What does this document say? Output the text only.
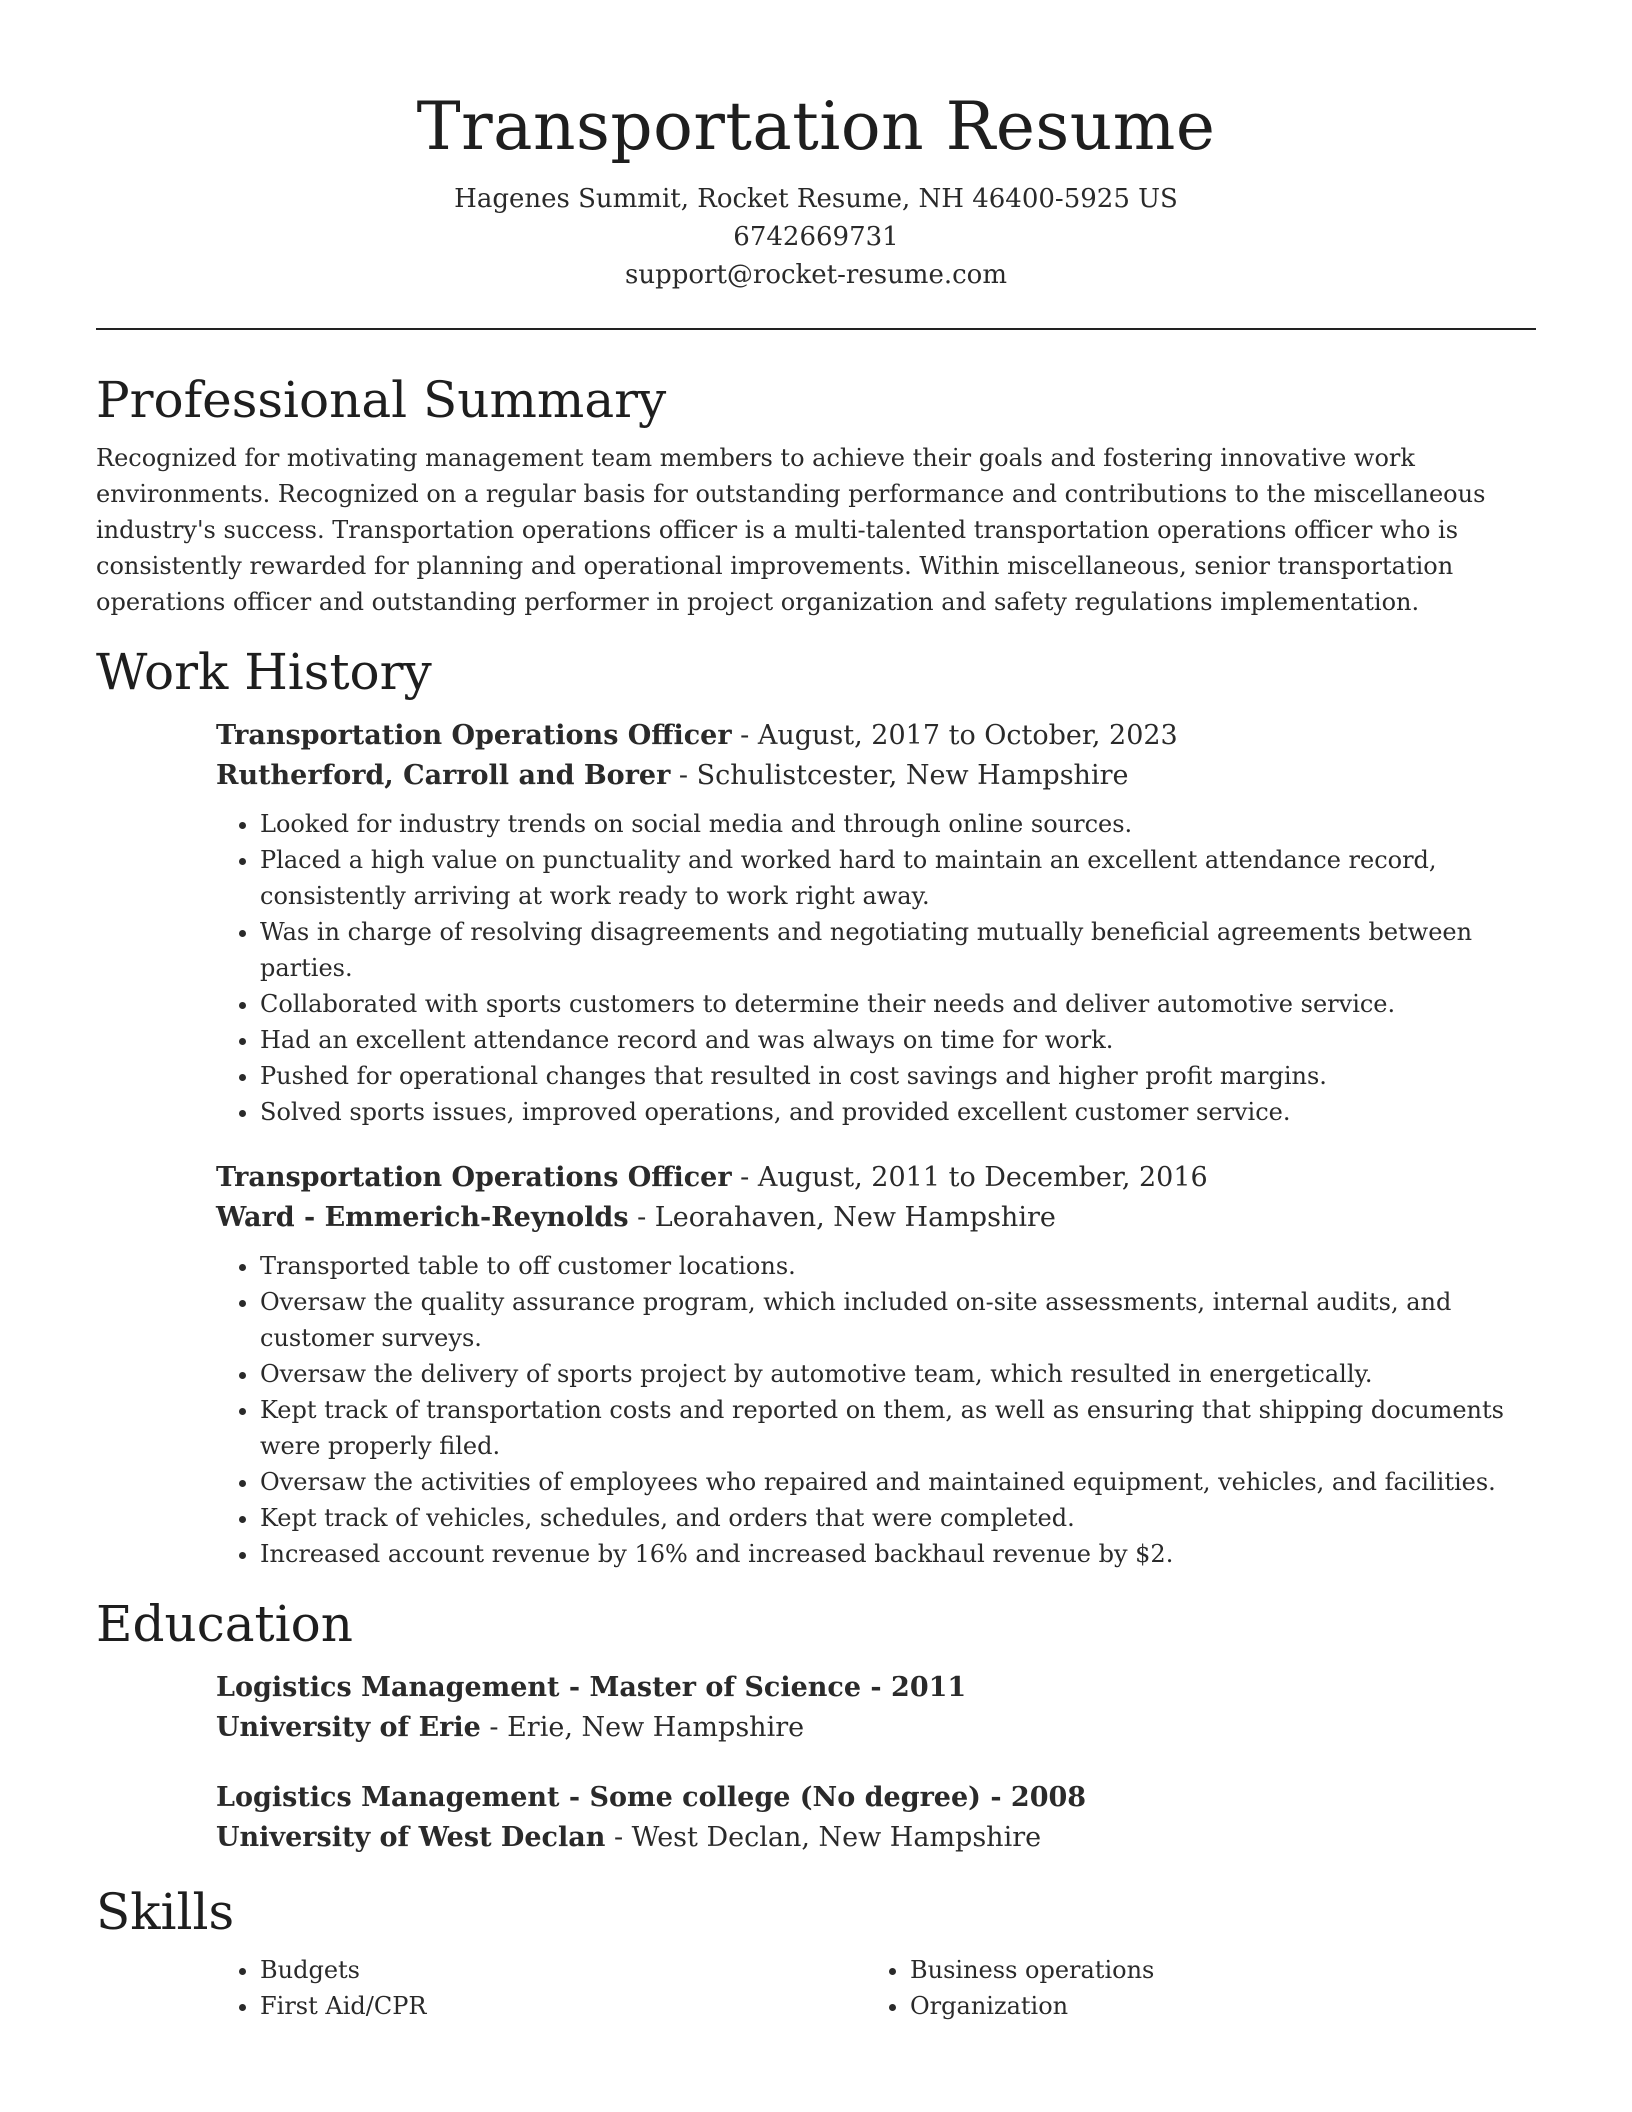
Transportation Resume
Hagenes Summit, Rocket Resume, NH 46400-5925 US
6742669731
support@rocket-resume.com
Professional Summary

Recognized for motivating management team members to achieve their goals and fostering innovative work environments. Recognized on a regular basis for outstanding performance and contributions to the miscellaneous industry's success. Transportation operations officer is a multi-talented transportation operations officer who is consistently rewarded for planning and operational improvements. Within miscellaneous, senior transportation operations officer and outstanding performer in project organization and safety regulations implementation.

Work History
Transportation Operations Officer - August, 2017 to October, 2023
Rutherford, Carroll and Borer - Schulistcester, New Hampshire
• Looked for industry trends on social media and through online sources.
• Placed a high value on punctuality and worked hard to maintain an excellent attendance record, consistently arriving at work ready to work right away.
• Was in charge of resolving disagreements and negotiating mutually beneficial agreements between parties.
• Collaborated with sports customers to determine their needs and deliver automotive service.
• Had an excellent attendance record and was always on time for work.
• Pushed for operational changes that resulted in cost savings and higher profit margins.
• Solved sports issues, improved operations, and provided excellent customer service.
Transportation Operations Officer - August, 2011 to December, 2016
Ward - Emmerich-Reynolds - Leorahaven, New Hampshire
• Transported table to off customer locations.
• Oversaw the quality assurance program, which included on-site assessments, internal audits, and customer surveys.
• Oversaw the delivery of sports project by automotive team, which resulted in energetically.
• Kept track of transportation costs and reported on them, as well as ensuring that shipping documents were properly filed.
• Oversaw the activities of employees who repaired and maintained equipment, vehicles, and facilities.
• Kept track of vehicles, schedules, and orders that were completed.
• Increased account revenue by 16% and increased backhaul revenue by $2.
Education
Logistics Management - Master of Science - 2011
University of Erie - Erie, New Hampshire
Logistics Management - Some college (No degree) - 2008
University of West Declan - West Declan, New Hampshire
Skills
• Budgets
• First Aid/CPR
• Business operations
• Organization
